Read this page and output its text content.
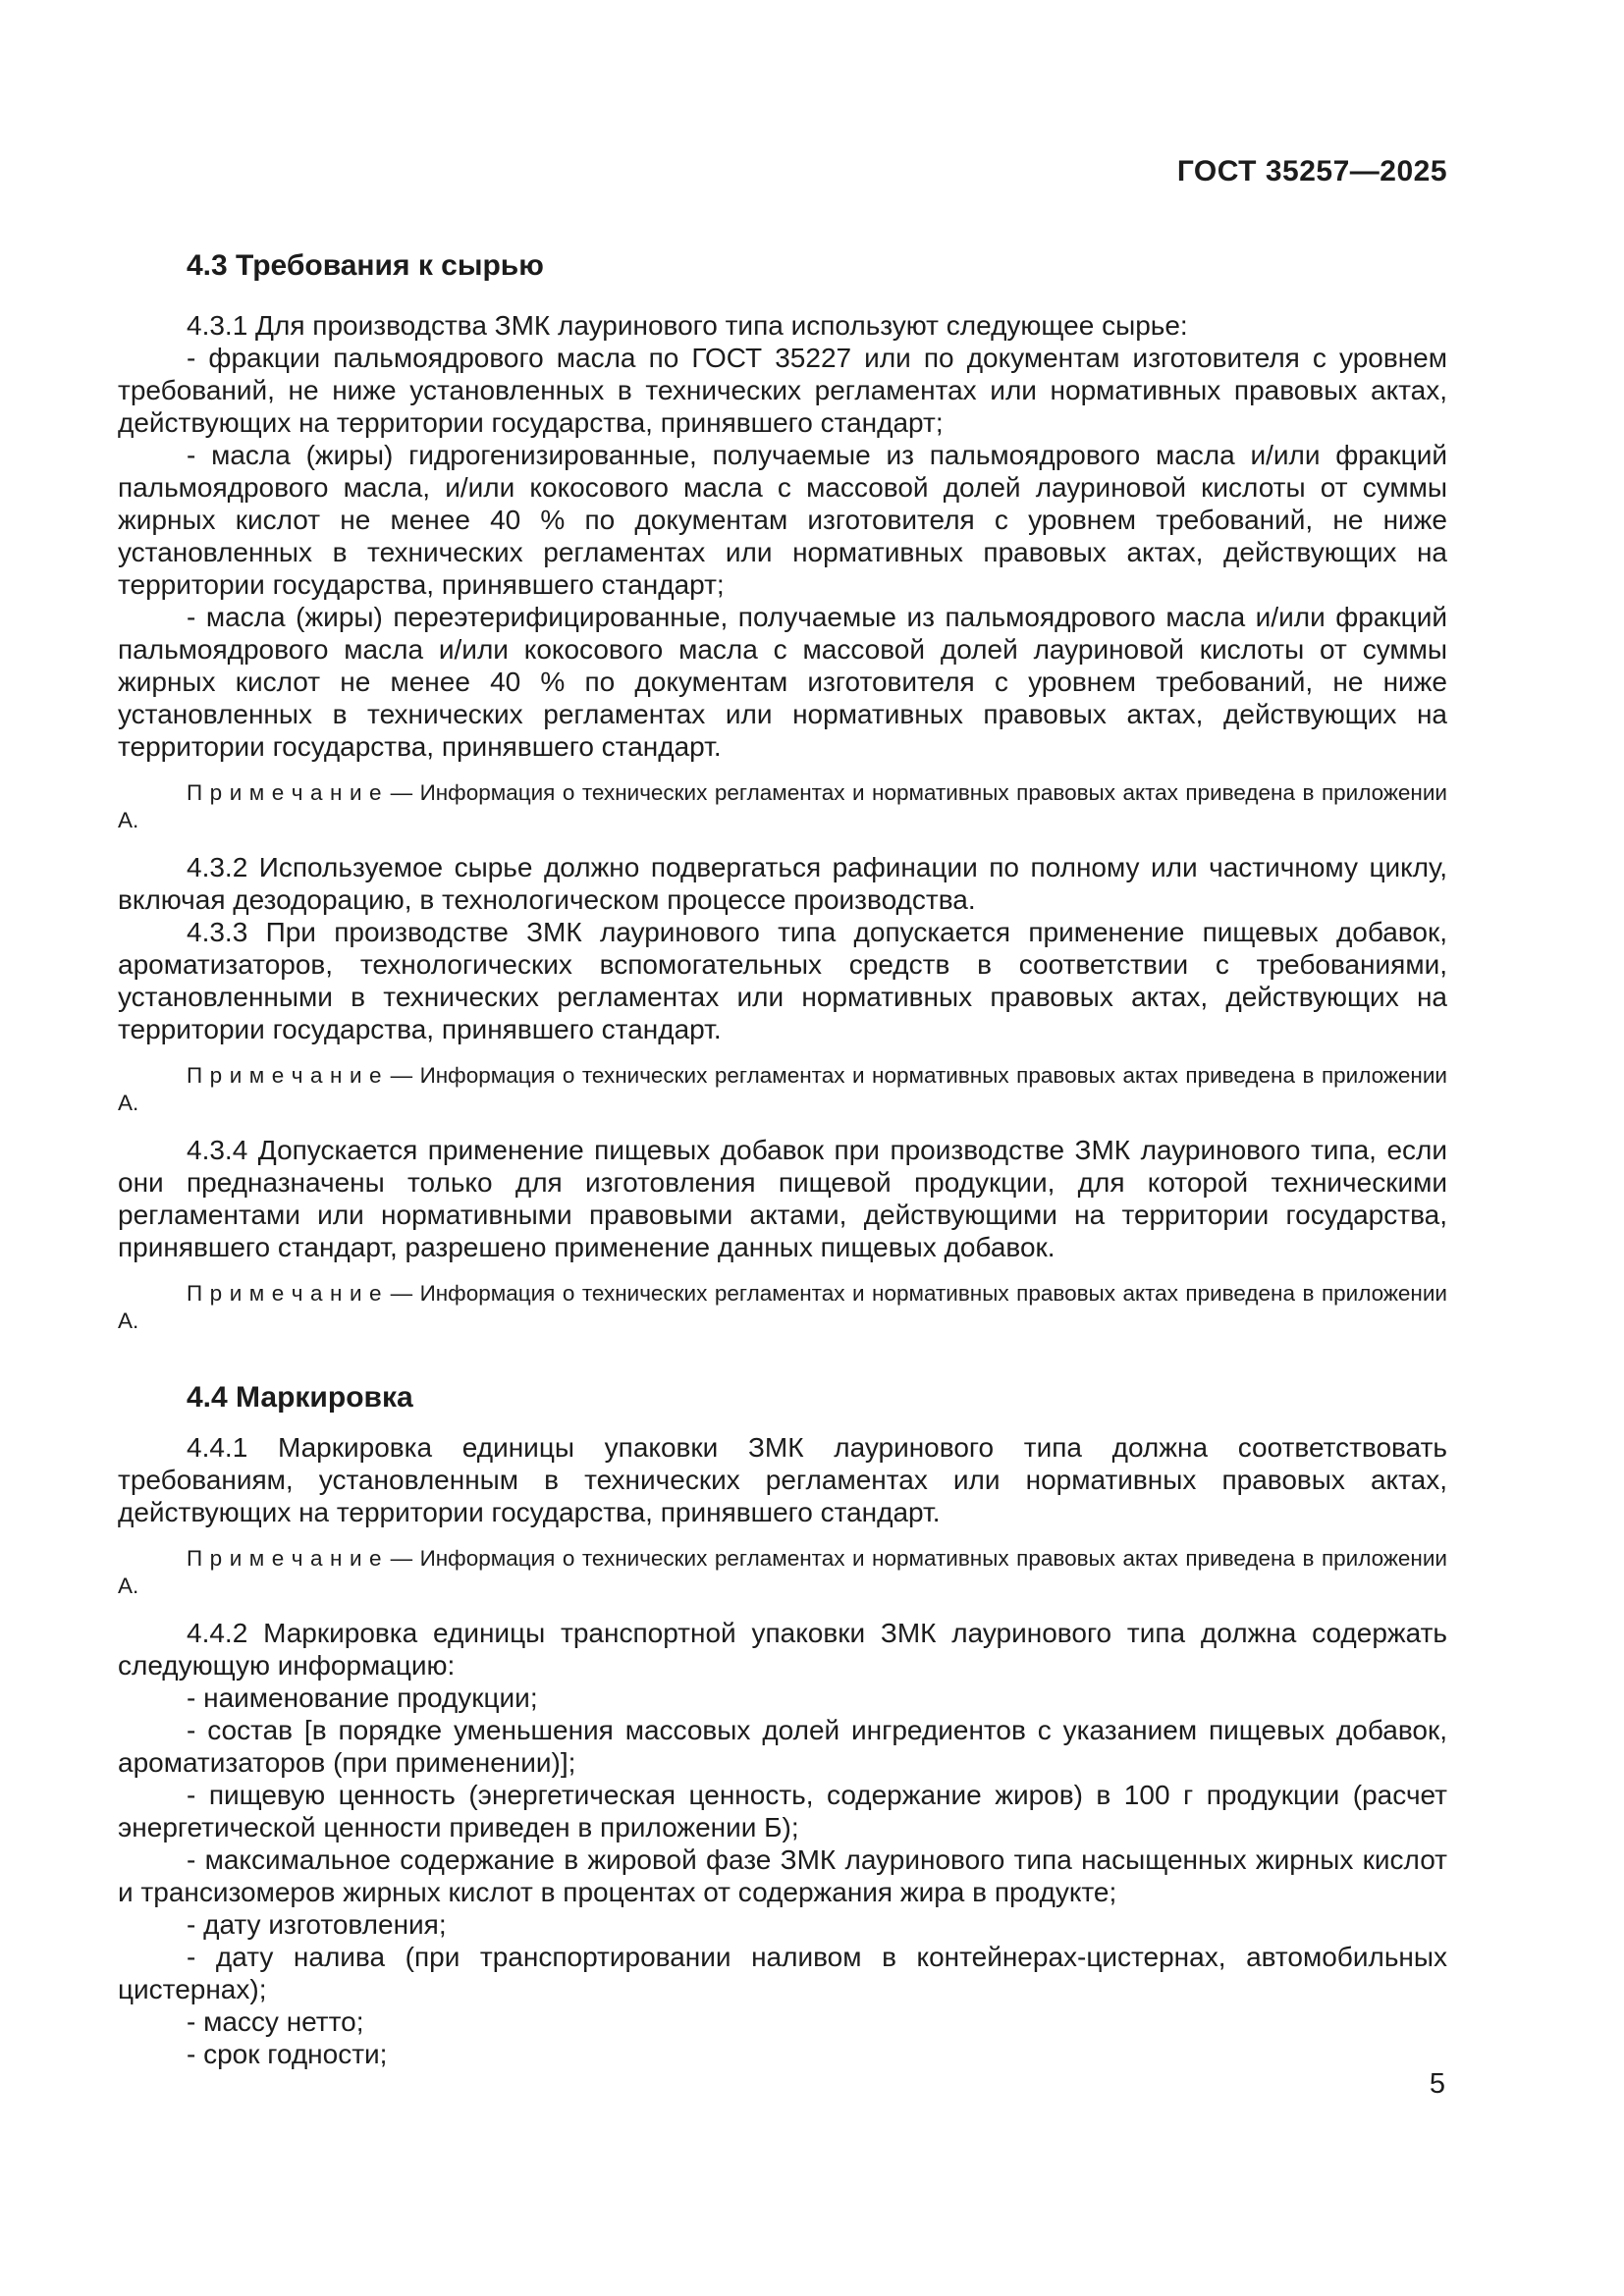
ГОСТ 35257—2025
4.3 Требования к сырью

4.3.1 Для производства ЗМК лауринового типа используют следующее сырье:

- фракции пальмоядрового масла по ГОСТ 35227 или по документам изготовителя с уровнем требований, не ниже установленных в технических регламентах или нормативных правовых актах, действующих на территории государства, принявшего стандарт;

- масла (жиры) гидрогенизированные, получаемые из пальмоядрового масла и/или фракций пальмоядрового масла, и/или кокосового масла с массовой долей лауриновой кислоты от суммы жирных кислот не менее 40 % по документам изготовителя с уровнем требований, не ниже установленных в технических регламентах или нормативных правовых актах, действующих на территории государства, принявшего стандарт;

- масла (жиры) переэтерифицированные, получаемые из пальмоядрового масла и/или фракций пальмоядрового масла и/или кокосового масла с массовой долей лауриновой кислоты от суммы жирных кислот не менее 40 % по документам изготовителя с уровнем требований, не ниже установленных в технических регламентах или нормативных правовых актах, действующих на территории государства, принявшего стандарт.

П р и м е ч а н и е — Информация о технических регламентах и нормативных правовых актах приведена в приложении А.

4.3.2 Используемое сырье должно подвергаться рафинации по полному или частичному циклу, включая дезодорацию, в технологическом процессе производства.

4.3.3 При производстве ЗМК лауринового типа допускается применение пищевых добавок, ароматизаторов, технологических вспомогательных средств в соответствии с требованиями, установленными в технических регламентах или нормативных правовых актах, действующих на территории государства, принявшего стандарт.

П р и м е ч а н и е — Информация о технических регламентах и нормативных правовых актах приведена в приложении А.

4.3.4 Допускается применение пищевых добавок при производстве ЗМК лауринового типа, если они предназначены только для изготовления пищевой продукции, для которой техническими регламентами или нормативными правовыми актами, действующими на территории государства, принявшего стандарт, разрешено применение данных пищевых добавок.

П р и м е ч а н и е — Информация о технических регламентах и нормативных правовых актах приведена в приложении А.

4.4 Маркировка

4.4.1 Маркировка единицы упаковки ЗМК лауринового типа должна соответствовать требованиям, установленным в технических регламентах или нормативных правовых актах, действующих на территории государства, принявшего стандарт.

П р и м е ч а н и е — Информация о технических регламентах и нормативных правовых актах приведена в приложении А.

4.4.2 Маркировка единицы транспортной упаковки ЗМК лауринового типа должна содержать следующую информацию:

- наименование продукции;

- состав [в порядке уменьшения массовых долей ингредиентов с указанием пищевых добавок, ароматизаторов (при применении)];

- пищевую ценность (энергетическая ценность, содержание жиров) в 100 г продукции (расчет энергетической ценности приведен в приложении Б);

- максимальное содержание в жировой фазе ЗМК лауринового типа насыщенных жирных кислот и трансизомеров жирных кислот в процентах от содержания жира в продукте;

- дату изготовления;

- дату налива (при транспортировании наливом в контейнерах-цистернах, автомобильных цистернах);

- массу нетто;

- срок годности;

5
